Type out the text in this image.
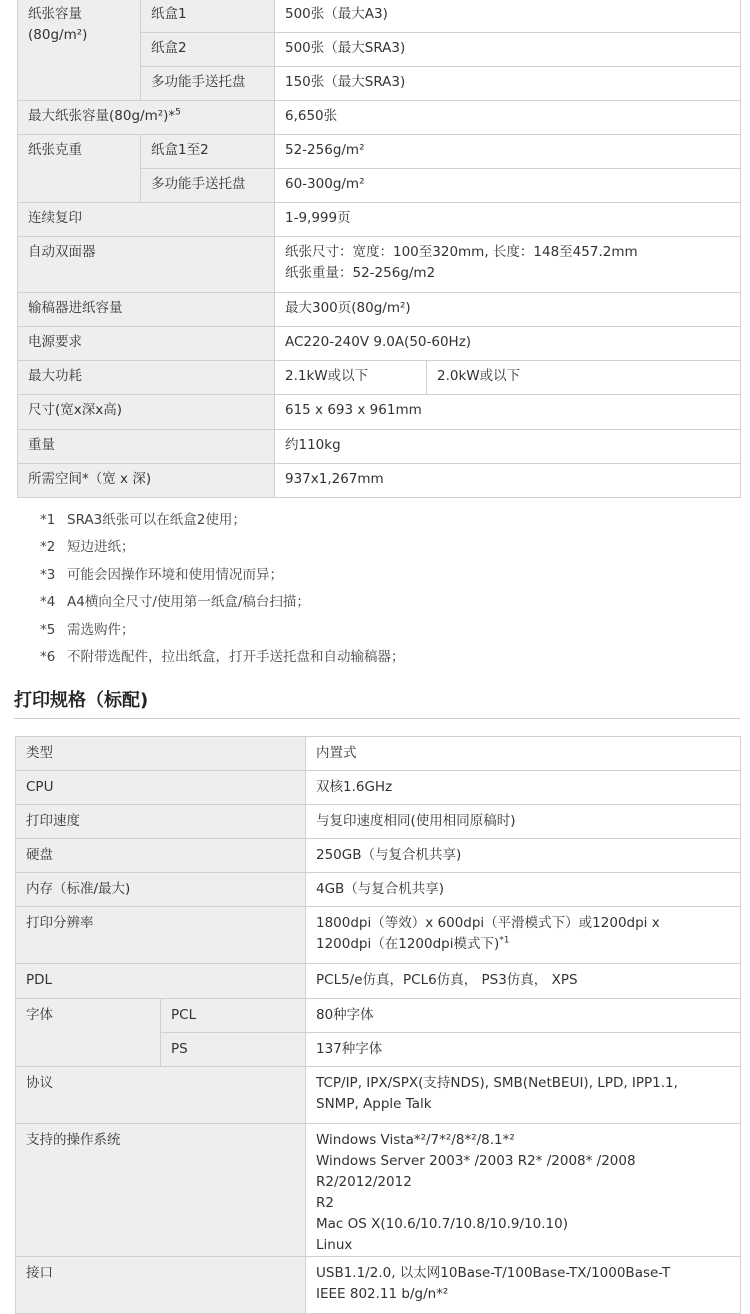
纸张容量
(80g/m²)	纸盒1	500张（最大A3)	
	纸盒2	500张（最大SRA3)	
	多功能手送托盘	150张（最大SRA3)	
最大纸张容量(80g/m²)*$^5$		6,650张	
纸张克重	纸盒1至2	52-256g/m²	
	多功能手送托盘	60-300g/m²	
连续复印		1-9,999页	
自动双面器		纸张尺寸：宽度：100至320mm, 长度：148至457.2mm
纸张重量：52-256g/m2	
输稿器进纸容量		最大300页(80g/m²)	
电源要求		AC220-240V 9.0A(50-60Hz)	
最大功耗		2.1kW或以下	2.0kW或以下
尺寸(宽x深x高)		615 x 693 x 961mm	
重量		约110kg	
所需空间*（宽 x 深)		937x1,267mm	
*1 SRA3纸张可以在纸盒2使用；
*2 短边进纸；
*3 可能会因操作环境和使用情况而异；
*4 A4横向全尺寸/使用第一纸盒/稿台扫描；
*5 需选购件；
*6 不附带选配件，拉出纸盒，打开手送托盘和自动输稿器；
打印规格（标配)
类型		内置式
CPU		双核1.6GHz
打印速度		与复印速度相同(使用相同原稿时)
硬盘		250GB（与复合机共享)
内存（标准/最大)		4GB（与复合机共享)
打印分辨率		1800dpi（等效）x 600dpi（平滑模式下）或1200dpi x
1200dpi（在1200dpi模式下)$^{*1}$
PDL		PCL5/e仿真，PCL6仿真， PS3仿真， XPS
字体	PCL	80种字体
	PS	137种字体
协议		TCP/IP, IPX/SPX(支持NDS), SMB(NetBEUI), LPD, IPP1.1,
SNMP, Apple Talk
支持的操作系统		Windows Vista*²/7*²/8*²/8.1*²
Windows Server 2003* /2003 R2* /2008* /2008 R2/2012/2012
R2
Mac OS X(10.6/10.7/10.8/10.9/10.10)
Linux
接口		USB1.1/2.0, 以太网10Base-T/100Base-TX/1000Base-T
IEEE 802.11 b/g/n*²
